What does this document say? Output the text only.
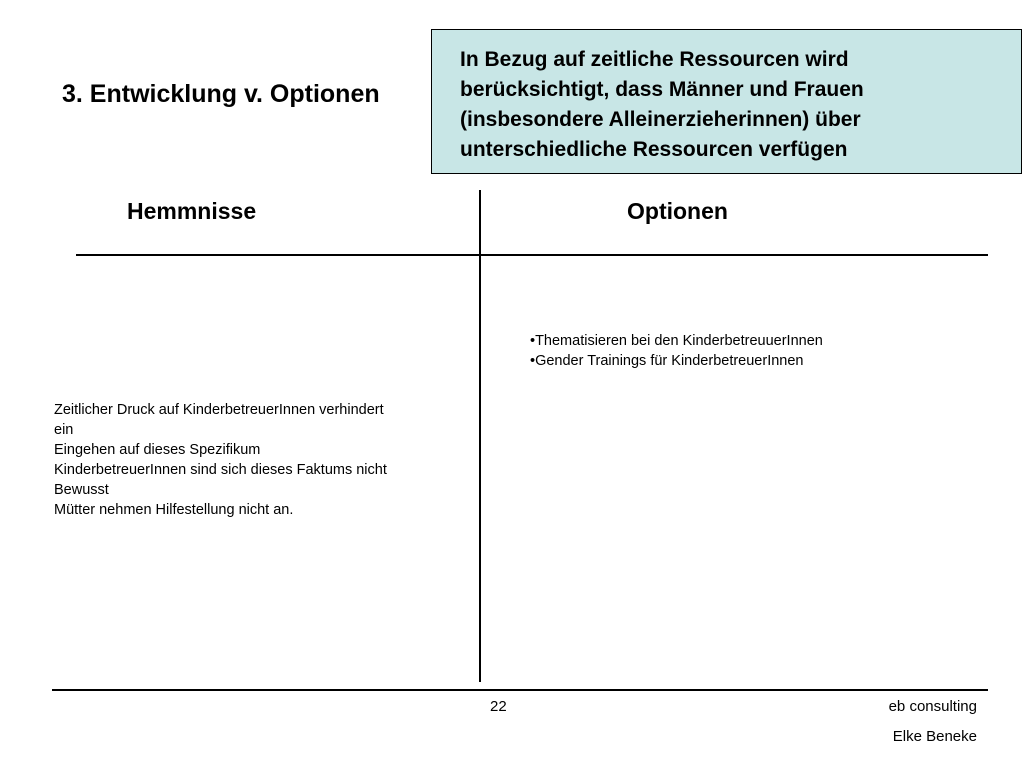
3. Entwicklung v. Optionen
In Bezug auf zeitliche Ressourcen wird
berücksichtigt, dass Männer und Frauen
(insbesondere Alleinerzieherinnen) über
unterschiedliche Ressourcen verfügen
Hemmnisse	Optionen
•Thematisieren bei den KinderbetreuuerInnen
•Gender Trainings für KinderbetreuerInnen
Zeitlicher Druck auf KinderbetreuerInnen verhindert
ein
Eingehen auf dieses Spezifikum
KinderbetreuerInnen sind sich dieses Faktums nicht
Bewusst
Mütter nehmen Hilfestellung nicht an.
22	eb consulting
Elke Beneke
